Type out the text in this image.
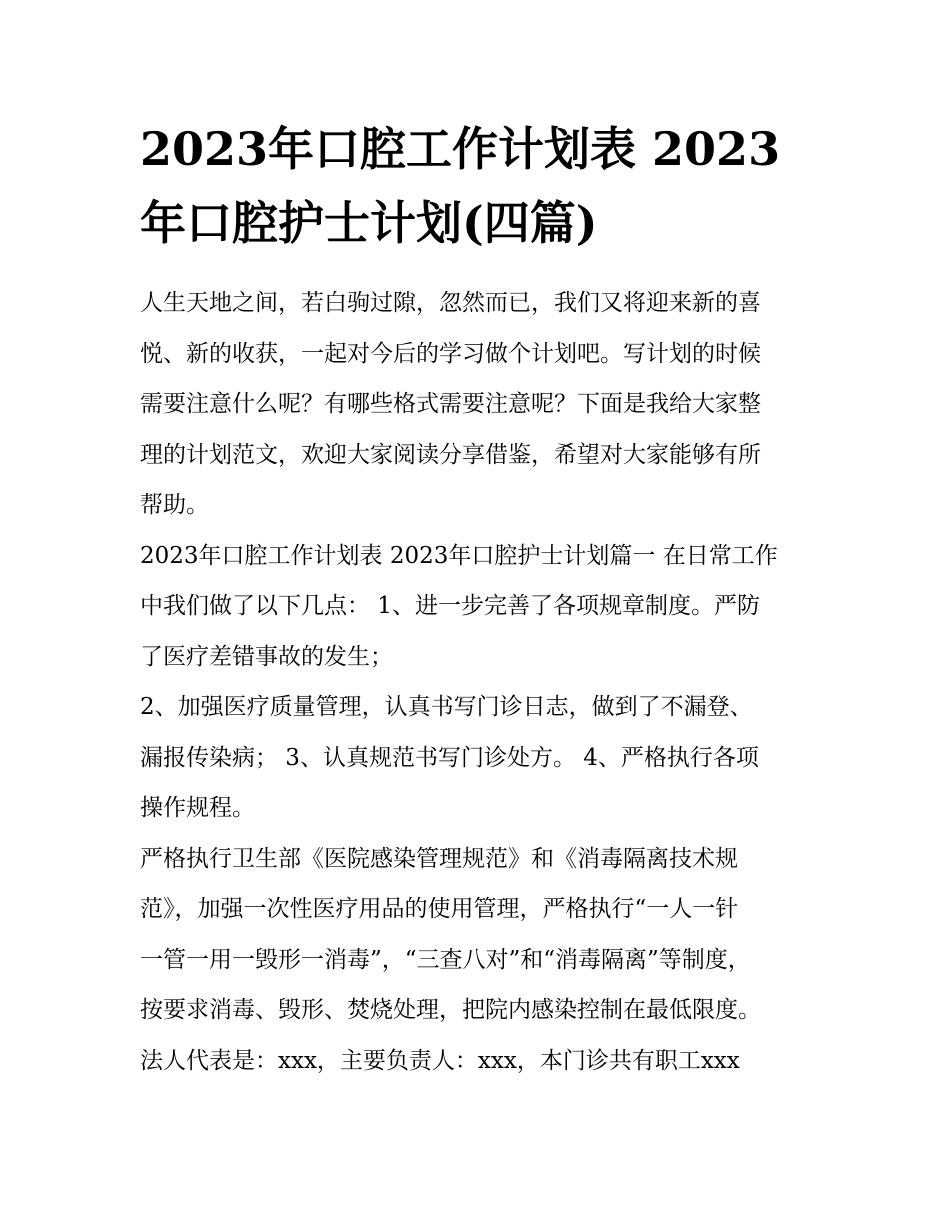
2023年口腔工作计划表 2023
年口腔护士计划(四篇)
人生天地之间，若白驹过隙，忽然而已，我们又将迎来新的喜
悦、新的收获，一起对今后的学习做个计划吧。写计划的时候
需要注意什么呢？有哪些格式需要注意呢？下面是我给大家整
理的计划范文，欢迎大家阅读分享借鉴，希望对大家能够有所
帮助。
2023年口腔工作计划表 2023年口腔护士计划篇一 在日常工作
中我们做了以下几点： 1、进一步完善了各项规章制度。严防
了医疗差错事故的发生；
2、加强医疗质量管理，认真书写门诊日志，做到了不漏登、
漏报传染病； 3、认真规范书写门诊处方。 4、严格执行各项
操作规程。
严格执行卫生部《医院感染管理规范》和《消毒隔离技术规
范》，加强一次性医疗用品的使用管理，严格执行“一人一针
一管一用一毁形一消毒”，“三查八对”和“消毒隔离”等制度，
按要求消毒、毁形、焚烧处理，把院内感染控制在最低限度。
法人代表是：xxx，主要负责人：xxx，本门诊共有职工xxx
